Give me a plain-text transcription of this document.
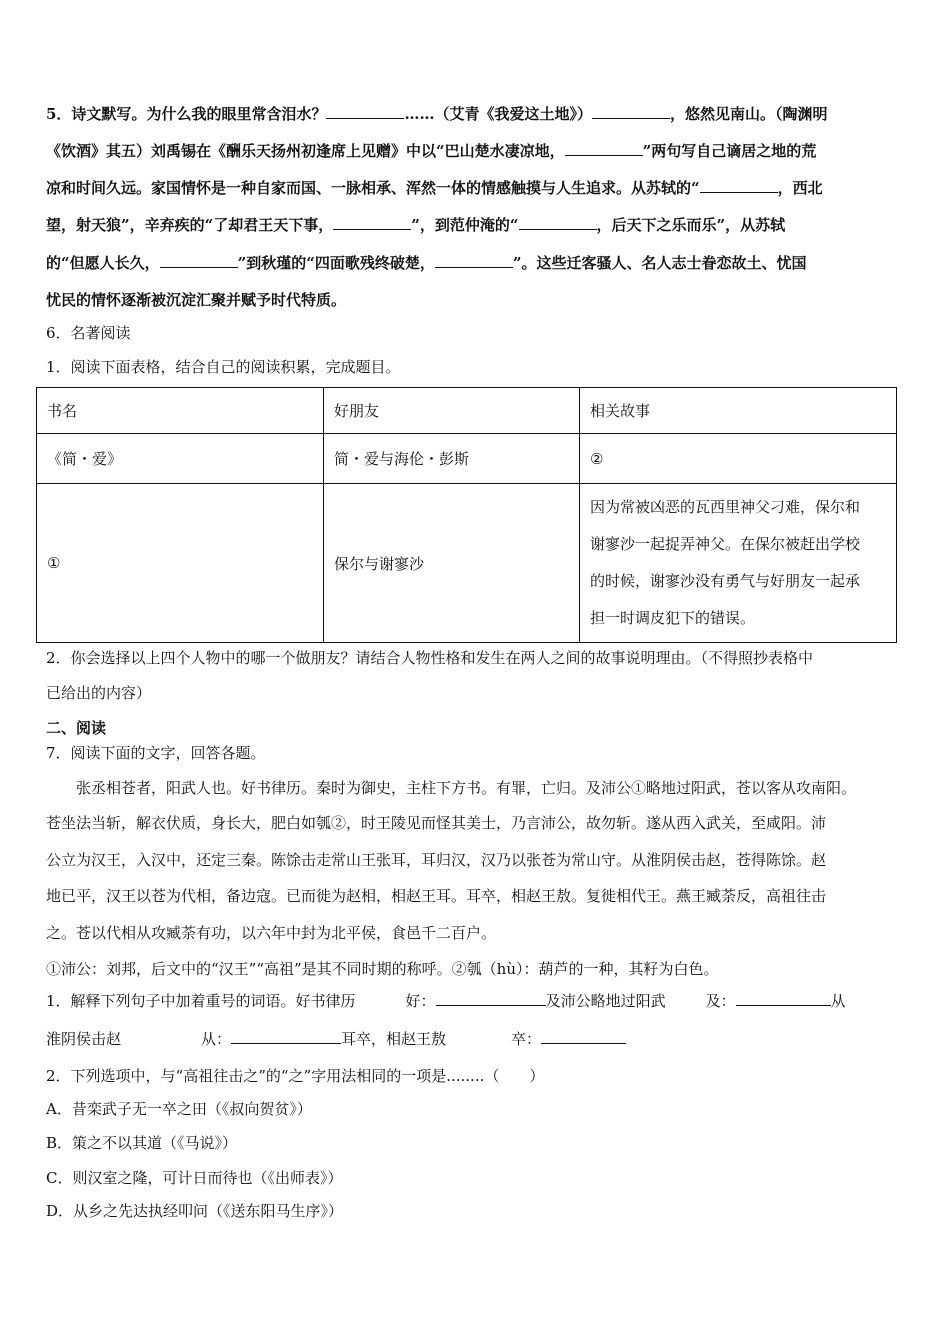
5．诗文默写。为什么我的眼里常含泪水？	……（艾青《我爱这土地》）	，悠然见南山。（陶渊明
《饮酒》其五）刘禹锡在《酬乐天扬州初逢席上见赠》中以“巴山楚水凄凉地，	”两句写自己谪居之地的荒
凉和时间久远。家国情怀是一种自家而国、一脉相承、浑然一体的情感触摸与人生追求。从苏轼的“	，西北
望，射天狼”，辛弃疾的“了却君王天下事，	”，到范仲淹的“	，后天下之乐而乐”，从苏轼
的“但愿人长久，	”到秋瑾的“四面歌残终破楚，	”。这些迁客骚人、名人志士眷恋故土、忧国
忧民的情怀逐渐被沉淀汇聚并赋予时代特质。
6．名著阅读
1．阅读下面表格，结合自己的阅读积累，完成题目。
书名	好朋友	相关故事
《简・爱》	简・爱与海伦・彭斯	②
①	保尔与谢寥沙	因为常被凶恶的瓦西里神父刁难，保尔和
谢寥沙一起捉弄神父。在保尔被赶出学校
的时候，谢寥沙没有勇气与好朋友一起承
担一时调皮犯下的错误。
2．你会选择以上四个人物中的哪一个做朋友？请结合人物性格和发生在两人之间的故事说明理由。（不得照抄表格中
已给出的内容）
二、阅读
7．阅读下面的文字，回答各题。
张丞相苍者，阳武人也。好书律历。秦时为御史，主柱下方书。有罪，亡归。及沛公①略地过阳武，苍以客从攻南阳。
苍坐法当斩，解衣伏质，身长大，肥白如瓠②，时王陵见而怪其美士，乃言沛公，故勿斩。遂从西入武关，至咸阳。沛
公立为汉王，入汉中，还定三秦。陈馀击走常山王张耳，耳归汉，汉乃以张苍为常山守。从淮阴侯击赵，苍得陈馀。赵
地已平，汉王以苍为代相，备边寇。已而徙为赵相，相赵王耳。耳卒，相赵王敖。复徙相代王。燕王臧荼反，高祖往击
之。苍以代相从攻臧荼有功，以六年中封为北平侯，食邑千二百户。
①沛公：刘邦，后文中的“汉王”“高祖”是其不同时期的称呼。②瓠（hù）：葫芦的一种，其籽为白色。
1．解释下列句子中加着重号的词语。好书律历	好：	及沛公略地过阳武	及：	从
淮阴侯击赵	从：	耳卒，相赵王敖	卒：
2．下列选项中，与“高祖往击之”的“之”字用法相同的一项是........（　　）
A．昔栾武子无一卒之田（《叔向贺贫》）
B．策之不以其道（《马说》）
C．则汉室之隆，可计日而待也（《出师表》）
D．从乡之先达执经叩问（《送东阳马生序》）
